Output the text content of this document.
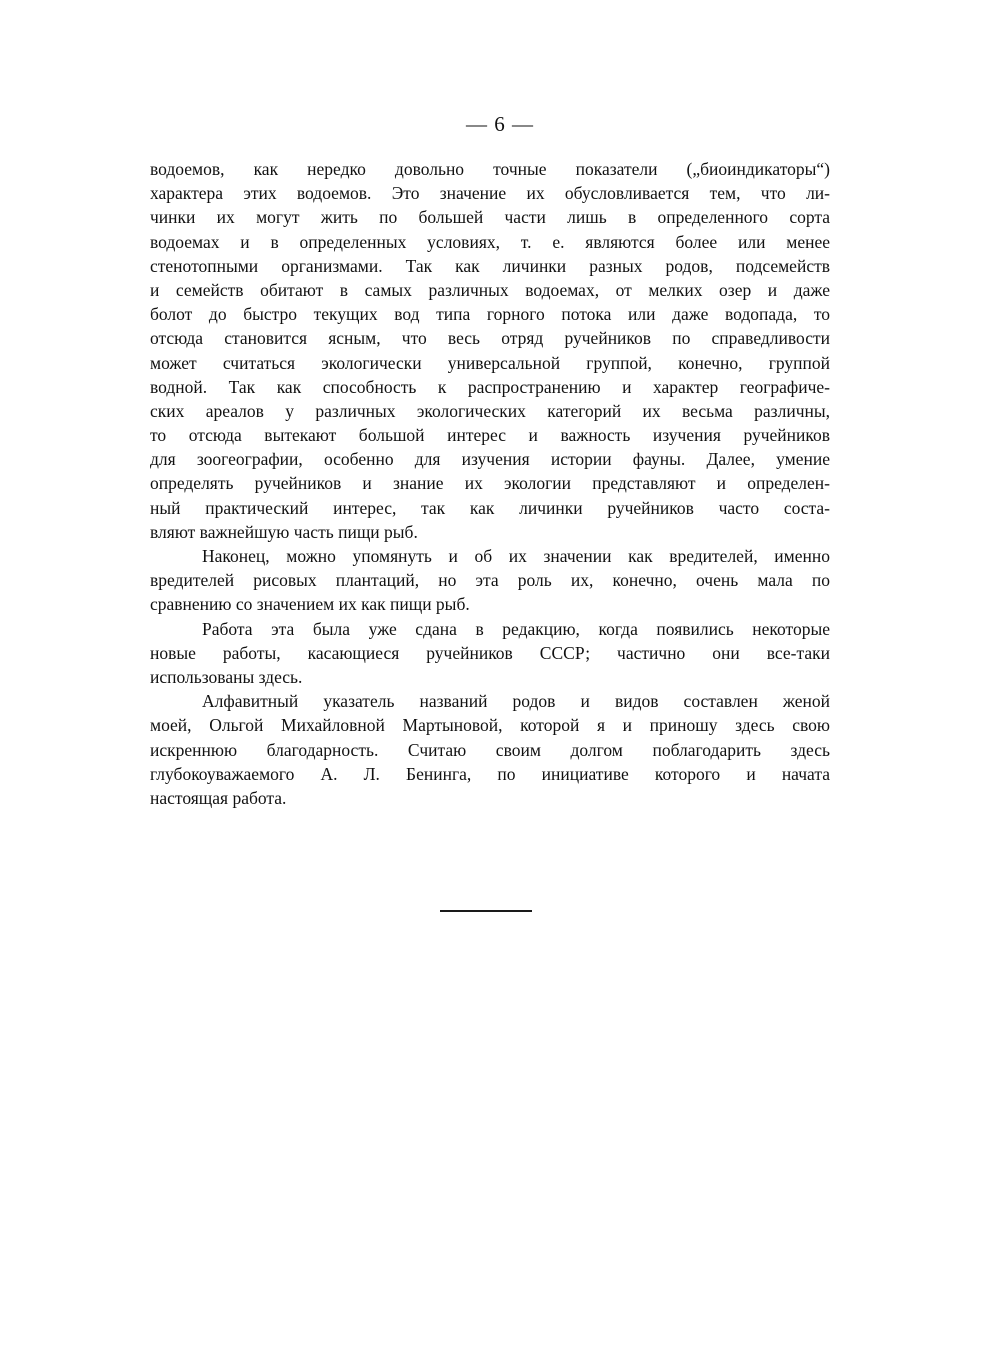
— 6 —
водоемов, как нередко довольно точные показатели („биоиндикаторы“)
характера этих водоемов. Это значение их обусловливается тем, что ли-
чинки их могут жить по большей части лишь в определенного сорта
водоемах и в определенных условиях, т. е. являются более или менее
стенотопными организмами. Так как личинки разных родов, подсемейств
и семейств обитают в самых различных водоемах, от мелких озер и даже
болот до быстро текущих вод типа горного потока или даже водопада, то
отсюда становится ясным, что весь отряд ручейников по справедливости
может считаться экологически универсальной группой, конечно, группой
водной. Так как способность к распространению и характер географиче-
ских ареалов у различных экологических категорий их весьма различны,
то отсюда вытекают большой интерес и важность изучения ручейников
для зоогеографии, особенно для изучения истории фауны. Далее, умение
определять ручейников и знание их экологии представляют и определен-
ный практический интерес, так как личинки ручейников часто соста-
вляют важнейшую часть пищи рыб.
Наконец, можно упомянуть и об их значении как вредителей, именно
вредителей рисовых плантаций, но эта роль их, конечно, очень мала по
сравнению со значением их как пищи рыб.
Работа эта была уже сдана в редакцию, когда появились некоторые
новые работы, касающиеся ручейников СССР; частично они все-таки
использованы здесь.
Алфавитный указатель названий родов и видов составлен женой
моей, Ольгой Михайловной Мартыновой, которой я и приношу здесь свою
искреннюю благодарность. Считаю своим долгом поблагодарить здесь
глубокоуважаемого А. Л. Бенинга, по инициативе которого и начата
настоящая работа.
